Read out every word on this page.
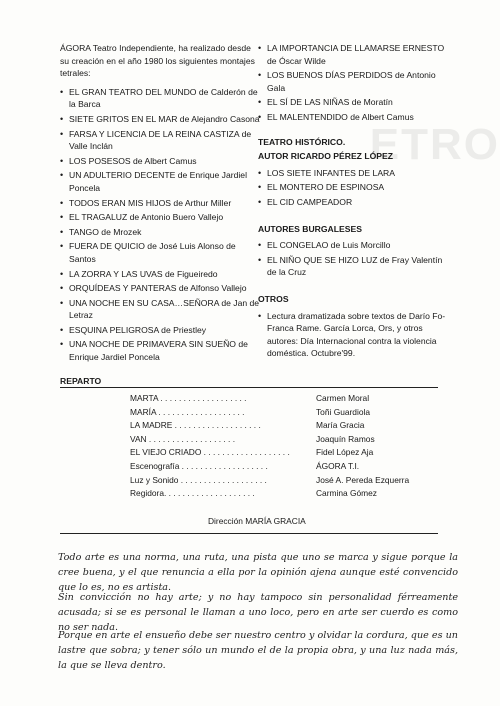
ETRO

ÁGORA Teatro Independiente, ha realizado desde su creación en el año 1980 los siguientes montajes tetrales:

• EL GRAN TEATRO DEL MUNDO de Calderón de la Barca
• SIETE GRITOS EN EL MAR de Alejandro Casona
• FARSA Y LICENCIA DE LA REINA CASTIZA de Valle Inclán
• LOS POSESOS de Albert Camus
• UN ADULTERIO DECENTE de Enrique Jardiel Poncela
• TODOS ERAN MIS HIJOS de Arthur Miller
• EL TRAGALUZ de Antonio Buero Vallejo
• TANGO de Mrozek
• FUERA DE QUICIO de José Luis Alonso de Santos
• LA ZORRA Y LAS UVAS de Figueiredo
• ORQUÍDEAS Y PANTERAS de Alfonso Vallejo
• UNA NOCHE EN SU CASA…SEÑORA de Jan de Letraz
• ESQUINA PELIGROSA de Priestley
• UNA NOCHE DE PRIMAVERA SIN SUEÑO de Enrique Jardiel Poncela
• LA IMPORTANCIA DE LLAMARSE ERNESTO de Óscar Wilde
• LOS BUENOS DÍAS PERDIDOS de Antonio Gala
• EL SÍ DE LAS NIÑAS de Moratín
• EL MALENTENDIDO de Albert Camus
TEATRO HISTÓRICO.
AUTOR RICARDO PÉREZ LÓPEZ
• LOS SIETE INFANTES DE LARA
• EL MONTERO DE ESPINOSA
• EL CID CAMPEADOR
AUTORES BURGALESES
• EL CONGELAO de Luis Morcillo
• EL NIÑO QUE SE HIZO LUZ de Fray Valentín de la Cruz
OTROS
• Lectura dramatizada sobre textos de Darío Fo-Franca Rame. García Lorca, Ors, y otros autores: Día Internacional contra la violencia doméstica. Octubre'99.
REPARTO
MARTA . . . . . . . . . . . . . . . . . . .	Carmen Moral
MARÍA . . . . . . . . . . . . . . . . . . .	Toñi Guardiola
LA MADRE . . . . . . . . . . . . . . . . . . .	María Gracia
VAN . . . . . . . . . . . . . . . . . . .	Joaquín Ramos
EL VIEJO CRIADO . . . . . . . . . . . . . . . . . . .	Fidel López Aja
Escenografía . . . . . . . . . . . . . . . . . . .	ÁGORA T.I.
Luz y Sonido . . . . . . . . . . . . . . . . . . .	José A. Pereda Ezquerra
Regidora. . . . . . . . . . . . . . . . . . . .	Carmina Gómez
Dirección MARÍA GRACIA

Todo arte es una norma, una ruta, una pista que uno se marca y sigue porque la cree buena, y el que renuncia a ella por la opinión ajena aunque esté convencido que lo es, no es artista.

Sin convicción no hay arte; y no hay tampoco sin personalidad férreamente acusada; si se es personal le llaman a uno loco, pero en arte ser cuerdo es como no ser nada.

Porque en arte el ensueño debe ser nuestro centro y olvidar la cordura, que es un lastre que sobra; y tener sólo un mundo el de la propia obra, y una luz nada más, la que se lleva dentro.
